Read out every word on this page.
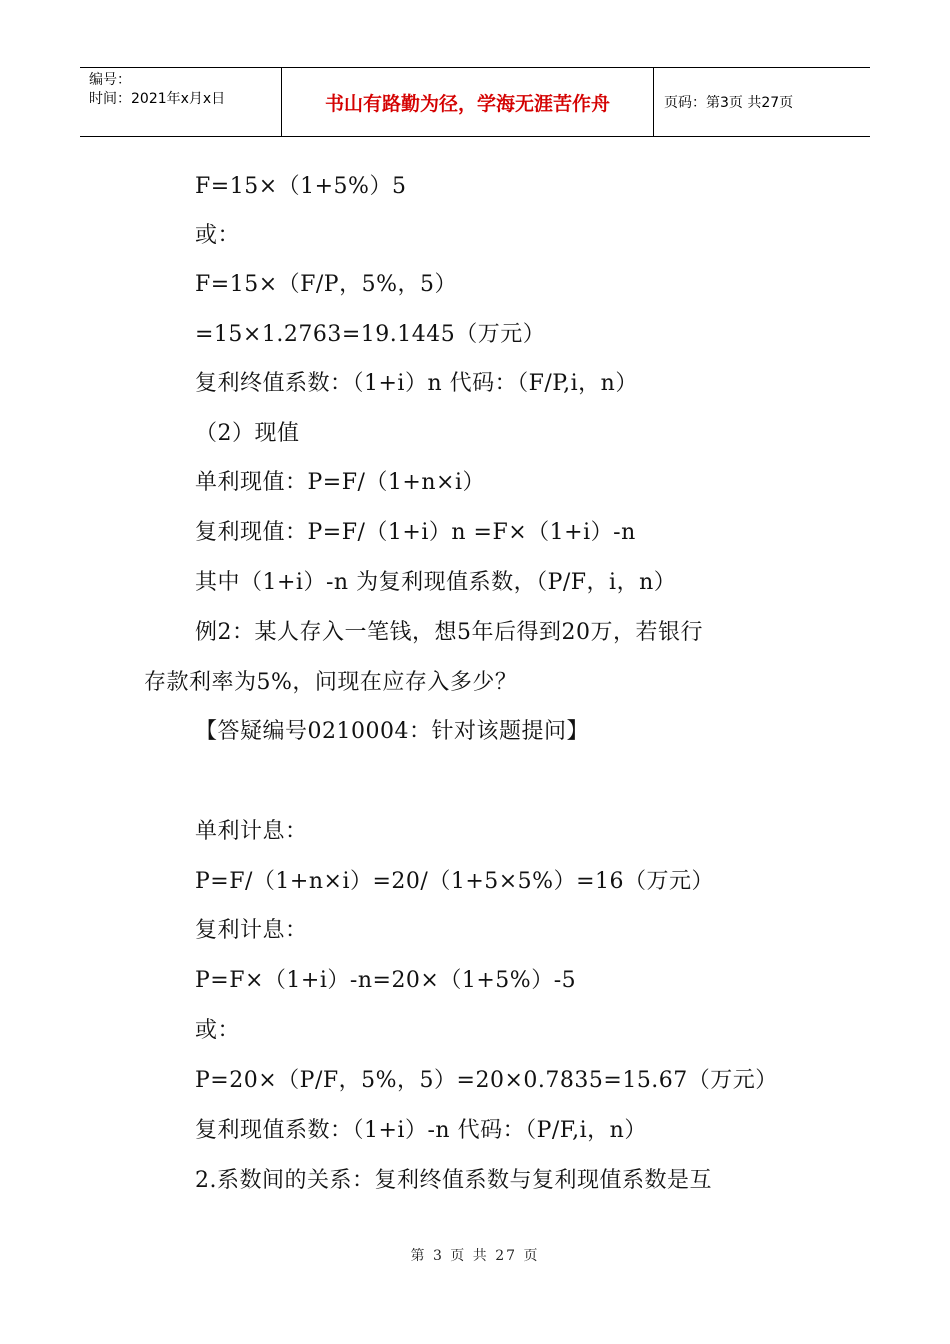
编号：
时间：2021年x月x日	书山有路勤为径，学海无涯苦作舟	页码：第3页 共27页
F=15×（1+5%）5
或：
F=15×（F/P，5%，5）
=15×1.2763=19.1445（万元）
复利终值系数：（1+i）n 代码：（F/P,i，n）
（2）现值
单利现值：P=F/（1+n×i）
复利现值：P=F/（1+i）n =F×（1+i）-n
其中（1+i）-n 为复利现值系数，（P/F，i，n）
例2：某人存入一笔钱，想5年后得到20万，若银行
存款利率为5%，问现在应存入多少？
【答疑编号0210004：针对该题提问】
单利计息：
P=F/（1+n×i）=20/（1+5×5%）=16（万元）
复利计息：
P=F×（1+i）-n=20×（1+5%）-5
或：
P=20×（P/F，5%，5）=20×0.7835=15.67（万元）
复利现值系数：（1+i）-n 代码：（P/F,i，n）
2.系数间的关系：复利终值系数与复利现值系数是互
第 3 页 共 27 页
